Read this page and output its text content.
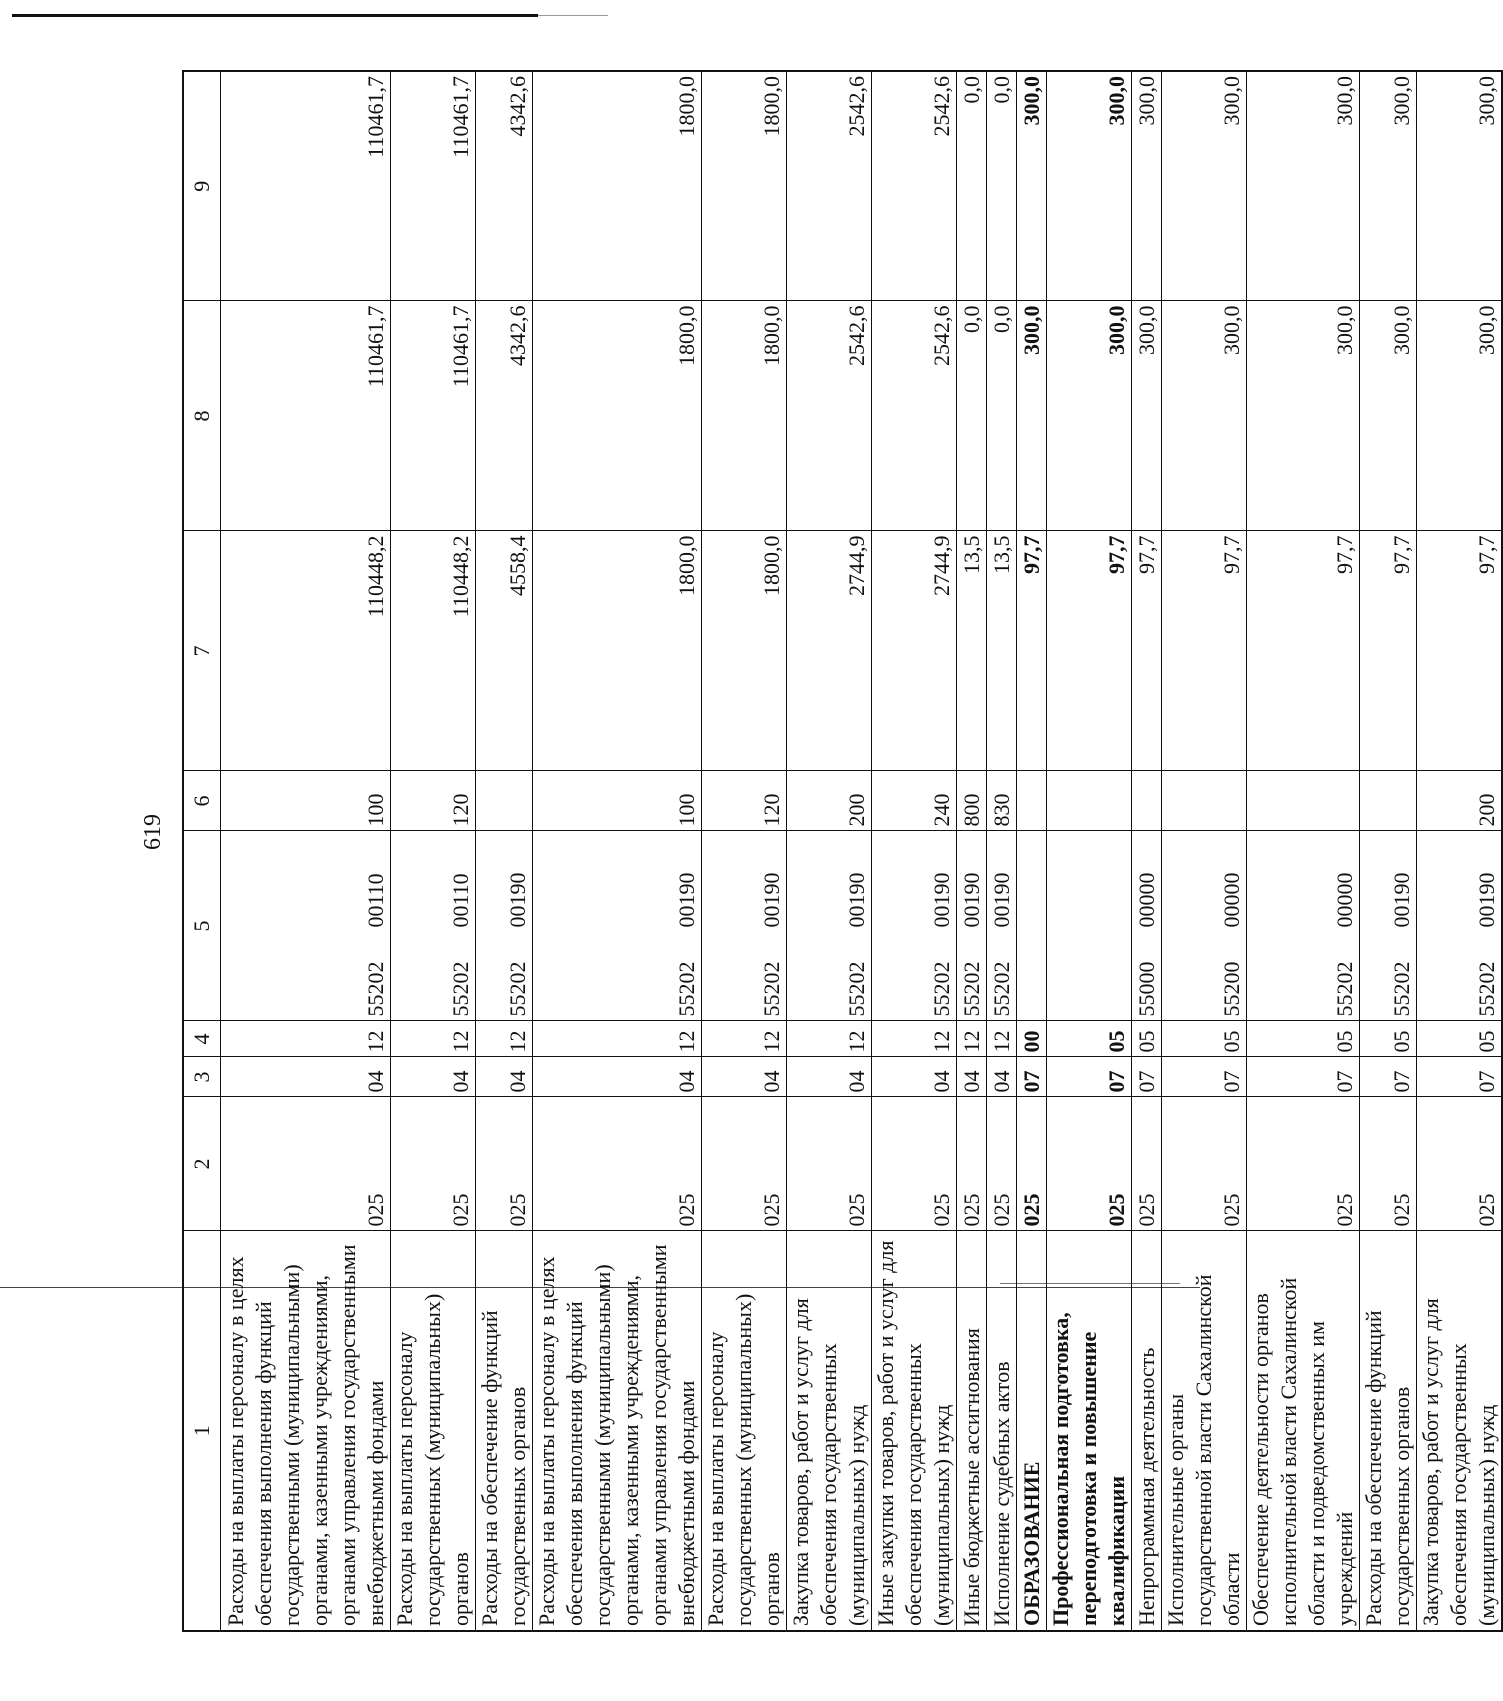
619
1	2	3	4	5	6	7	8	9
Расходы на выплаты персоналу в целях обеспечения выполнения функций государственными (муниципальными) органами, казенными учреждениями, органами управления государственными внебюджетными фондами	025	04	12	5520200110	100	110448,2	110461,7	110461,7
Расходы на выплаты персоналу государственных (муниципальных) органов	025	04	12	5520200110	120	110448,2	110461,7	110461,7
Расходы на обеспечение функций государственных органов	025	04	12	5520200190		4558,4	4342,6	4342,6
Расходы на выплаты персоналу в целях обеспечения выполнения функций государственными (муниципальными) органами, казенными учреждениями, органами управления государственными внебюджетными фондами	025	04	12	5520200190	100	1800,0	1800,0	1800,0
Расходы на выплаты персоналу государственных (муниципальных) органов	025	04	12	5520200190	120	1800,0	1800,0	1800,0
Закупка товаров, работ и услуг для обеспечения государственных (муниципальных) нужд	025	04	12	5520200190	200	2744,9	2542,6	2542,6
Иные закупки товаров, работ и услуг для обеспечения государственных (муниципальных) нужд	025	04	12	5520200190	240	2744,9	2542,6	2542,6
Иные бюджетные ассигнования	025	04	12	5520200190	800	13,5	0,0	0,0
Исполнение судебных актов	025	04	12	5520200190	830	13,5	0,0	0,0
ОБРАЗОВАНИЕ	025	07	00			97,7	300,0	300,0
Профессиональная подготовка, переподготовка и повышение квалификации	025	07	05			97,7	300,0	300,0
Непрограммная деятельность	025	07	05	5500000000		97,7	300,0	300,0
Исполнительные органы государственной власти Сахалинской области	025	07	05	5520000000		97,7	300,0	300,0
Обеспечение деятельности органов исполнительной власти Сахалинской области и подведомственных им учреждений	025	07	05	5520200000		97,7	300,0	300,0
Расходы на обеспечение функций государственных органов	025	07	05	5520200190		97,7	300,0	300,0
Закупка товаров, работ и услуг для обеспечения государственных (муниципальных) нужд	025	07	05	5520200190	200	97,7	300,0	300,0
